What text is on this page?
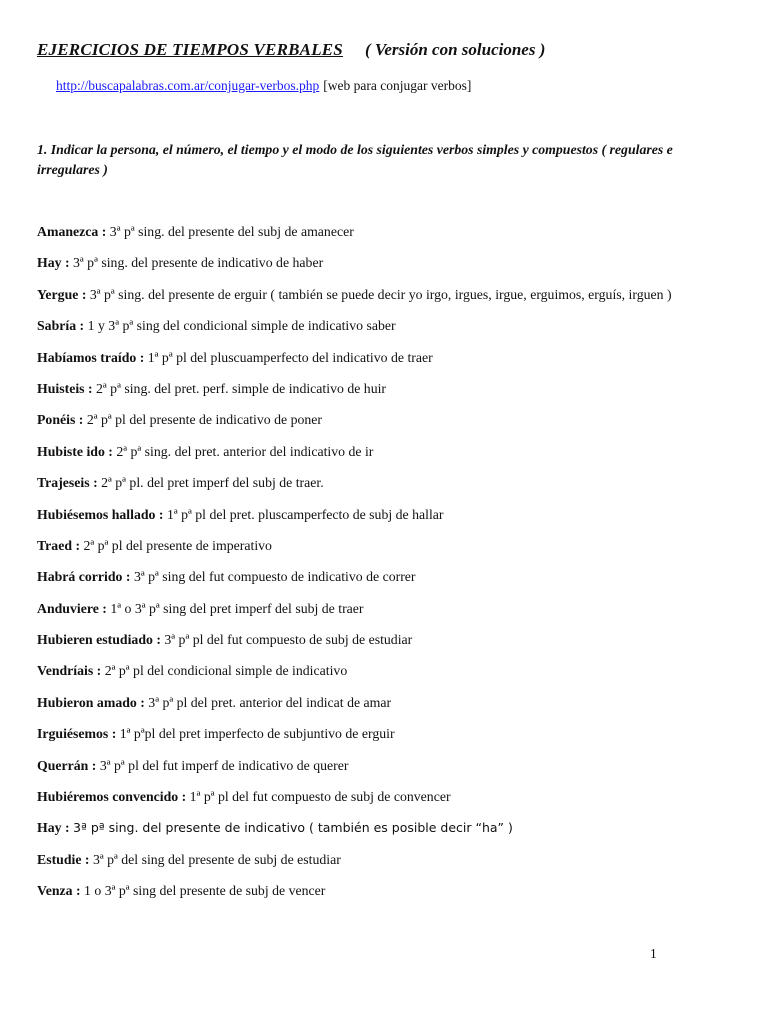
EJERCICIOS DE TIEMPOS VERBALES ( Versión con soluciones )
http://buscapalabras.com.ar/conjugar-verbos.php [web para conjugar verbos]
1. Indicar la persona, el número, el tiempo y el modo de los siguientes verbos simples y compuestos ( regulares e irregulares )
Amanezca : 3ª pª sing. del presente del subj de amanecer
Hay : 3ª pª sing. del presente de indicativo de haber
Yergue : 3ª pª sing. del presente de erguir ( también se puede decir yo irgo, irgues, irgue, erguimos, erguís, irguen )
Sabría : 1 y 3ª pª sing del condicional simple de indicativo saber
Habíamos traído : 1ª pª pl del pluscuamperfecto del indicativo de traer
Huisteis : 2ª pª sing. del pret. perf. simple de indicativo de huir
Ponéis : 2ª pª pl del presente de indicativo de poner
Hubiste ido : 2ª pª sing. del pret. anterior del indicativo de ir
Trajeseis : 2ª pª pl. del pret imperf del subj de traer.
Hubiésemos hallado : 1ª pª pl del pret. pluscamperfecto de subj de hallar
Traed : 2ª pª pl del presente de imperativo
Habrá corrido : 3ª pª sing del fut compuesto de indicativo de correr
Anduviere : 1ª o 3ª pª sing del pret imperf del subj de traer
Hubieren estudiado : 3ª pª pl del fut compuesto de subj de estudiar
Vendríais : 2ª pª pl del condicional simple de indicativo
Hubieron amado : 3ª pª pl del pret. anterior del indicat de amar
Irguiésemos : 1ª pªpl del pret imperfecto de subjuntivo de erguir
Querrán : 3ª pª pl del fut imperf de indicativo de querer
Hubiéremos convencido : 1ª pª pl del fut compuesto de subj de convencer
Hay : 3ª pª sing. del presente de indicativo ( también es posible decir “ha” )
Estudie : 3ª pª del sing del presente de subj de estudiar
Venza : 1 o 3ª pª sing del presente de subj de vencer
1
